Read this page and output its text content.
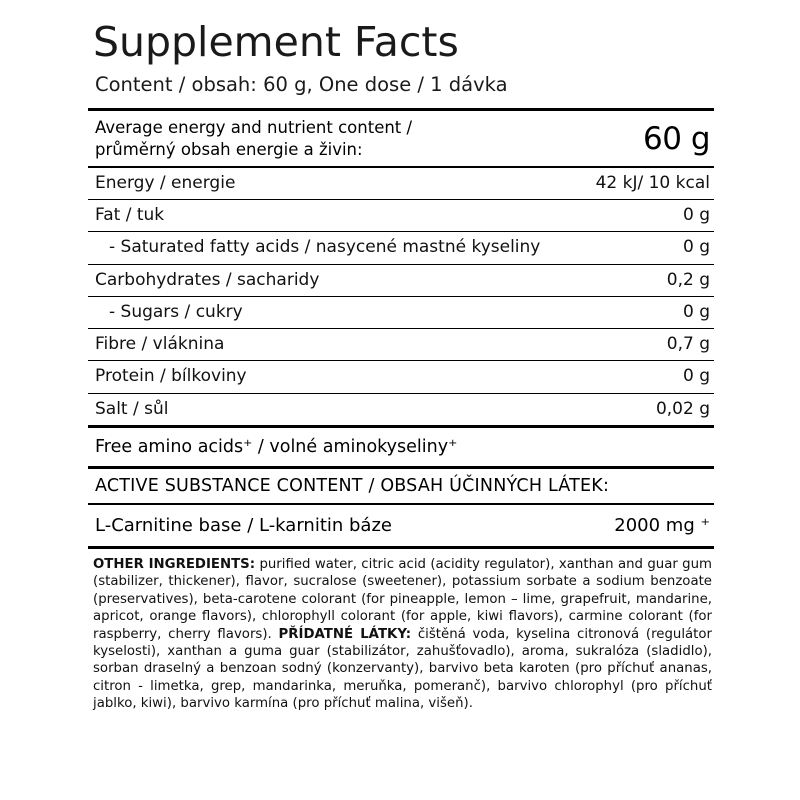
Supplement Facts
Content / obsah: 60 g, One dose / 1 dávka
Average energy and nutrient content /
průměrný obsah energie a živin:	60 g
Energy / energie	42 kJ/ 10 kcal
Fat / tuk	0 g
- Saturated fatty acids / nasycené mastné kyseliny	0 g
Carbohydrates / sacharidy	0,2 g
- Sugars / cukry	0 g
Fibre / vláknina	0,7 g
Protein / bílkoviny	0 g
Salt / sůl	0,02 g
Free amino acids⁺ / volné aminokyseliny⁺
ACTIVE SUBSTANCE CONTENT / OBSAH ÚČINNÝCH LÁTEK:
L-Carnitine base / L-karnitin báze	2000 mg ⁺
OTHER INGREDIENTS: purified water, citric acid (acidity regulator), xanthan and guar gum (stabilizer, thickener), flavor, sucralose (sweetener), potassium sorbate a sodium benzoate (preservatives), beta-carotene colorant (for pineapple, lemon – lime, grapefruit, mandarine, apricot, orange flavors), chlorophyll colorant (for apple, kiwi flavors), carmine colorant (for raspberry, cherry flavors). PŘÍDATNÉ LÁTKY: čištěná voda, kyselina citronová (regulátor kyselosti), xanthan a guma guar (stabilizátor, zahušťovadlo), aroma, sukralóza (sladidlo), sorban draselný a benzoan sodný (konzervanty), barvivo beta karoten (pro příchuť ananas, citron - limetka, grep, mandarinka, meruňka, pomeranč), barvivo chlorophyl (pro příchuť jablko, kiwi), barvivo karmína (pro příchuť malina, višeň).
